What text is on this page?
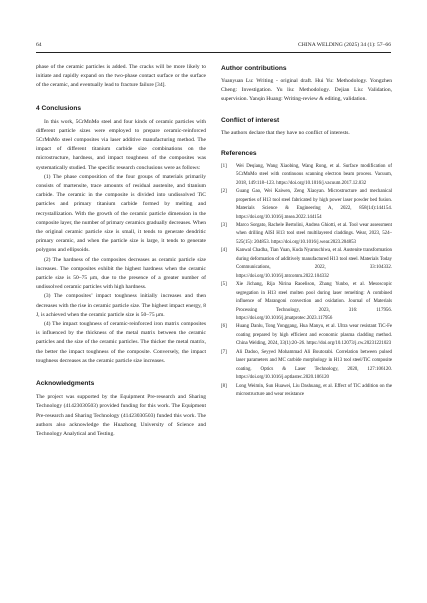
64	CHINA WELDING (2025) 34 (1): 57–66

phase of the ceramic particles is added. The cracks will be more likely to initiate and rapidly expand on the two-phase contact surface or the surface of the ceramic, and eventually lead to fracture failure [34].

4 Conclusions

In this work, 5CrMnMo steel and four kinds of ceramic particles with different particle sizes were employed to prepare ceramic-reinforced 5CrMnMo steel composites via laser additive manufacturing method. The impact of different titanium carbide size combinations on the microstructure, hardness, and impact toughness of the composites was systematically studied. The specific research conclusions were as follows:

(1) The phase composition of the four groups of materials primarily consists of martensite, trace amounts of residual austenite, and titanium carbide. The ceramic in the composite is divided into undissolved TiC particles and primary titanium carbide formed by melting and recrystallization. With the growth of the ceramic particle dimension in the composite layer, the number of primary ceramics gradually decreases. When the original ceramic particle size is small, it tends to generate dendritic primary ceramic, and when the particle size is large, it tends to generate polygons and ellipsoids.

(2) The hardness of the composites decreases as ceramic particle size increases. The composites exhibit the highest hardness when the ceramic particle size is 50–75 μm, due to the presence of a greater number of undissolved ceramic particles with high hardness.

(3) The composites’ impact toughness initially increases and then decreases with the rise in ceramic particle size. The highest impact energy, 8 J, is achieved when the ceramic particle size is 50–75 μm.

(4) The impact toughness of ceramic-reinforced iron matrix composites is influenced by the thickness of the metal matrix between the ceramic particles and the size of the ceramic particles. The thicker the metal matrix, the better the impact toughness of the composite. Conversely, the impact toughness decreases as the ceramic particle size increases.

Acknowledgments

The project was supported by the Equipment Pre-research and Sharing Technology (41423030503) provided funding for this work. The Equipment Pre-research and Sharing Technology (41423030503) funded this work. The authors also acknowledge the Huazhong University of Science and Technology Analytical and Testing.

Author contributions

Yuanyuan Lu: Writing - original draft. Hui Yu: Methodology. Yongzhen Cheng: Investigation. Yu liu: Methodology. Dejian Liu: Validation, supervision. Yanqin Huang: Writing-review & editing, validation.

Conflict of interest

The authors declare that they have no conflict of interests.

References
[1]	Wei Deqiang, Wang Xiaobing, Wang Rong, et al. Surface modification of 5CrMnMo steel with continuous scanning electron beam process. Vacuum, 2018, 149:118–123. https://doi.org/10.1016/j.vacuum.2017.12.032
[2]	Guang Gao, Wei Kaiwen, Zeng Xiaoyan. Microstructure and mechanical properties of H13 tool steel fabricated by high power laser powder bed fusion. Materials Science & Engineering A, 2022, 858(14):144154. https://doi.org/10.1016/j.msea.2022.144154
[3]	Marco Sorgato, Rachele Bertolini, Andrea Ghiotti, et al. Tool wear assessment when drilling AISI H13 tool steel multilayered claddings. Wear, 2023, 524–525(15): 204853. https://doi.org/10.1016/j.wear.2023.204853
[4]	Kanwal Chadha, Tian Yuan, Kuda Nyamuchiwa, et al. Austenite transformation during deformation of additively manufactured H13 tool steel. Materials Today Communications, 2022, 33:104332. https://doi.org/10.1016/j.mtcomm.2022.104332
[5]	Xie Jichang, Rija Nirina Raoelison, Zhang Yunbo, et al. Mesoscopic segregation in H13 steel molten pool during laser remelting: A combined influence of Marangoni convection and oxidation. Journal of Materials Processing Technology, 2023, 316: 117956. https://doi.org/10.1016/j.jmatprotec.2023.117956
[6]	Huang Danlu, Tong Yonggang, Hua Manyu, et al. Ultra wear resistant TiC-Fe coating prepared by high efficient and economic plasma cladding method. China Welding, 2024, 33(1):20–26. https://doi.org/10.12073/j.cw.20231221023
[7]	Ali Dadoo, Seyyed Mohammad Ali Boutorabi. Correlation between pulsed laser parameters and MC carbide morphology in H13 tool steel/TiC composite coating. Optics & Laser Technology, 2020, 127:106120. https://doi.org/10.1016/j.optlastec.2020.106120
[8]	Long Weimin, Sun Huawei, Liu Dashuang, et al. Effect of TiC addition on the microstructure and wear resistance
